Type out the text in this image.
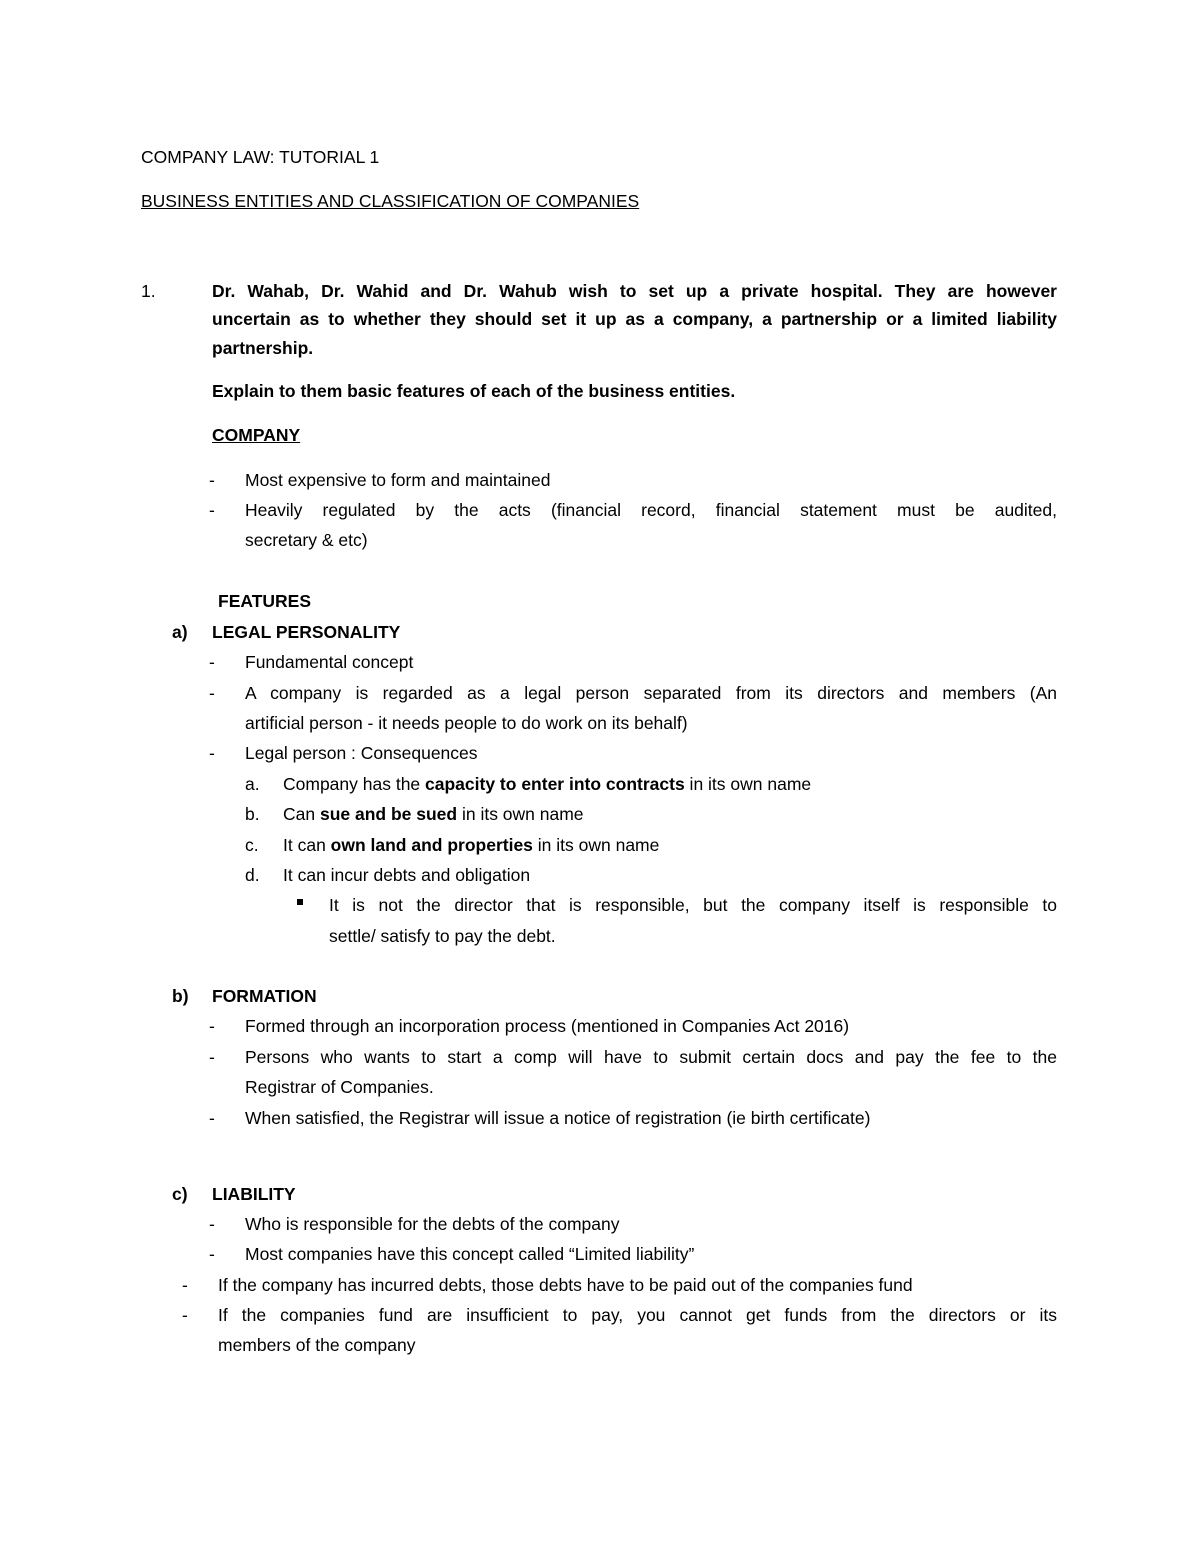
COMPANY LAW: TUTORIAL 1
BUSINESS ENTITIES AND CLASSIFICATION OF COMPANIES
1.	Dr. Wahab, Dr. Wahid and Dr. Wahub wish to set up a private hospital. They are however
uncertain as to whether they should set it up as a company, a partnership or a limited liability
partnership.
Explain to them basic features of each of the business entities.
COMPANY
- Most expensive to form and maintained
- Heavily regulated by the acts (financial record, financial statement must be audited,
secretary & etc)
FEATURES
a) LEGAL PERSONALITY
- Fundamental concept
- A company is regarded as a legal person separated from its directors and members (An
artificial person - it needs people to do work on its behalf)
- Legal person : Consequences
a. Company has the capacity to enter into contracts in its own name
b. Can sue and be sued in its own name
c. It can own land and properties in its own name
d. It can incur debts and obligation
It is not the director that is responsible, but the company itself is responsible to
settle/ satisfy to pay the debt.
b) FORMATION
- Formed through an incorporation process (mentioned in Companies Act 2016)
- Persons who wants to start a comp will have to submit certain docs and pay the fee to the
Registrar of Companies.
- When satisfied, the Registrar will issue a notice of registration (ie birth certificate)
c) LIABILITY
- Who is responsible for the debts of the company
- Most companies have this concept called “Limited liability”
- If the company has incurred debts, those debts have to be paid out of the companies fund
- If the companies fund are insufficient to pay, you cannot get funds from the directors or its
members of the company
